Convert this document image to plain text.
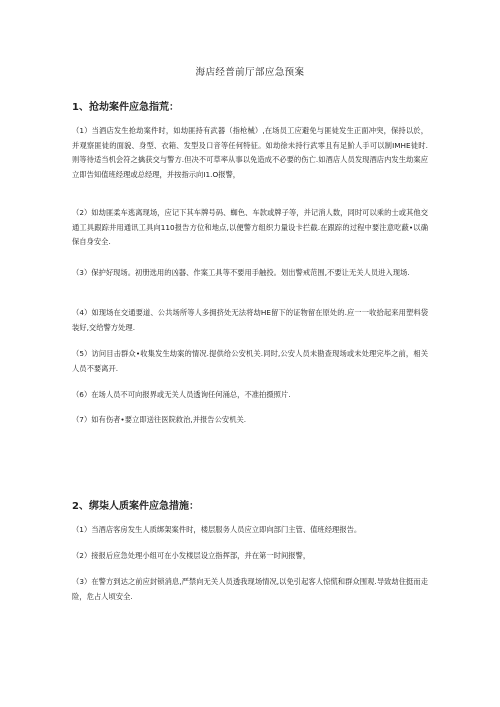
海店经普前厅部应急预案
1、抢劫案件应急指荒：

（1）当酒店发生抢劫案件时，如劫匪持有武器（指枪械）,在场员工应避免与匪徒发生正面冲突，保持以於，并观察匪徒的面貌、身型、衣箱、发型及口音等任何特征。如劫徐未持行武零且有足魪人手可以制IMHE徒时.则等待适当机会符之擒获交与警方.但决不可草率从事以免造成不必要的伤亡.如酒店人员发现酒店内发生劫案应立即告知值班经理或总经理，并按指示向I1.O报警，

（2）如劫匪柔车逃离现场，应记下其车牌号码、蜘色、车款或牌子等，并记消人数，同时可以乘的士或其他交通工具跟踪井用通讯工具向110报告方位和地点,以便警方组织力量设卡拦截.在跟踪的过程中要注意吃蔽•以确保自身安全.

（3）保护好现场。初册选用的凶器、作案工具等不要用手触投。划出警戒范围,不要让无关人员进入现场.

（4）如现场在交通要道、公共场所等人多拥挤处无法将劫HE留下的证物留在原处的.应一一收拾起来用塑料袋装好,交给警方处理.

（5）访问目击群众•收集发生劫案的情况.提供给公安机关.同时,公安人员未勘查现场或未处理完毕之前，相关人员不要离开.

（6）在场人员不可向报界或无关人员透询任何涌总，不准拍摄照片.

（7）如有伤者•要立即送往医院救治,并报告公安机关.

2、绑柒人质案件应急措施：

（1）当酒店客房发生人质绑架案件时，楼层服务人员应立即向部门主管、值班经理报告。

（2）接报后应急处理小组可在小发楼层设立指挥部，并在第一时间报警，

（3）在警方到达之前应封锁消息,严禁向无关人员透我现场情况,以免引起客人惊慌和群众围观.导致劫住挺而走险，危占人顷安全.
